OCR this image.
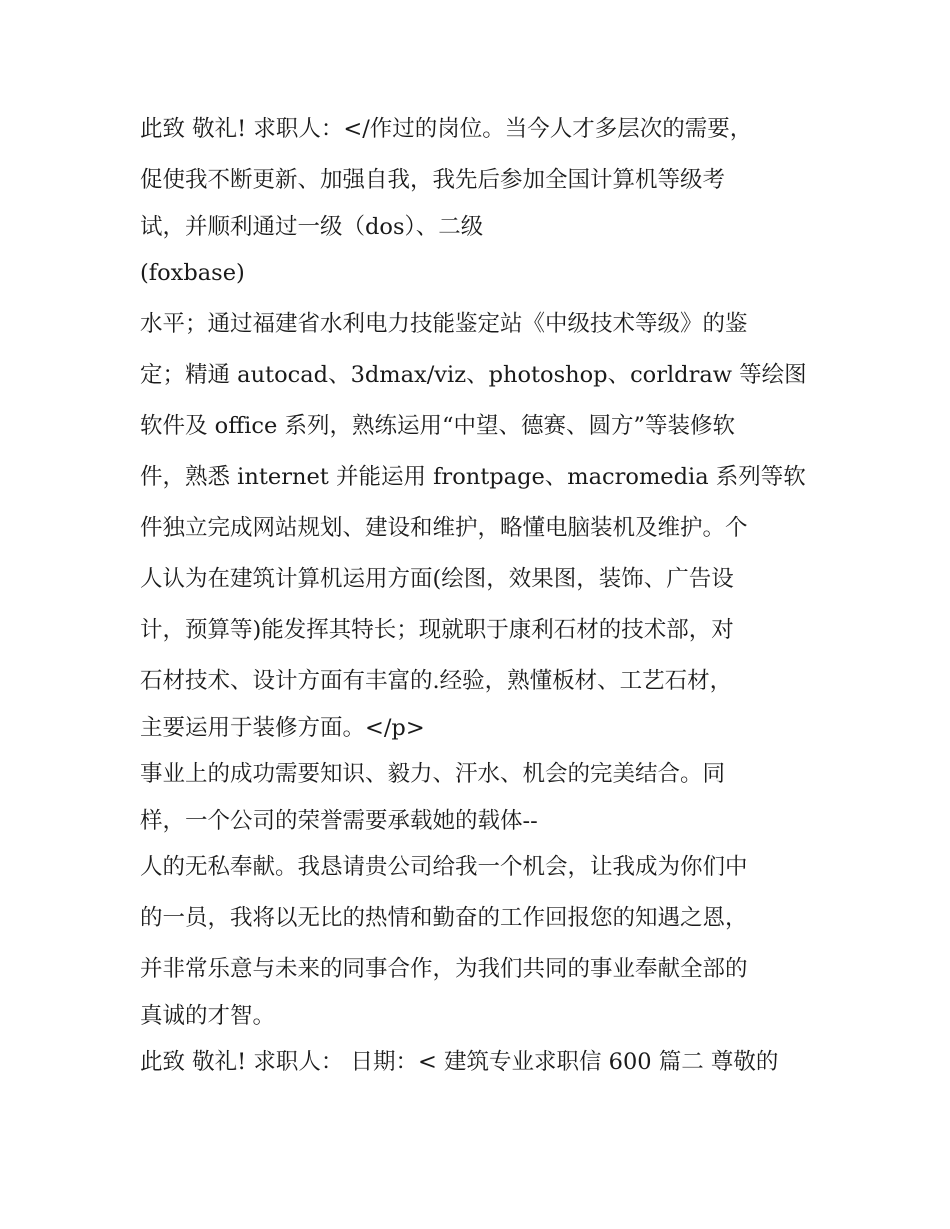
此致 敬礼! 求职人：</作过的岗位。当今人才多层次的需要，
促使我不断更新、加强自我，我先后参加全国计算机等级考
试，并顺利通过一级（dos）、二级
(foxbase)
水平；通过福建省水利电力技能鉴定站《中级技术等级》的鉴
定；精通 autocad、3dmax/viz、photoshop、corldraw 等绘图
软件及 office 系列，熟练运用“中望、德赛、圆方”等装修软
件，熟悉 internet 并能运用 frontpage、macromedia 系列等软
件独立完成网站规划、建设和维护，略懂电脑装机及维护。个
人认为在建筑计算机运用方面(绘图，效果图，装饰、广告设
计，预算等)能发挥其特长；现就职于康利石材的技术部，对
石材技术、设计方面有丰富的.经验，熟懂板材、工艺石材，
主要运用于装修方面。</p>
事业上的成功需要知识、毅力、汗水、机会的完美结合。同
样，一个公司的荣誉需要承载她的载体--
人的无私奉献。我恳请贵公司给我一个机会，让我成为你们中
的一员，我将以无比的热情和勤奋的工作回报您的知遇之恩，
并非常乐意与未来的同事合作，为我们共同的事业奉献全部的
真诚的才智。
此致 敬礼! 求职人： 日期：< 建筑专业求职信 600 篇二 尊敬的
